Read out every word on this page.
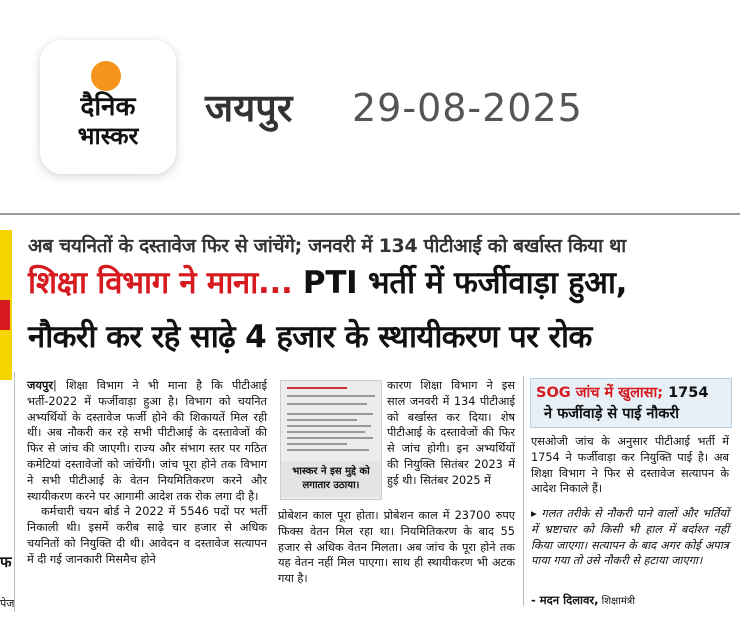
दैनिक
भास्कर
जयपुर 29-08-2025
फ
पेज
अब चयनितों के दस्तावेज फिर से जांचेंगे; जनवरी में 134 पीटीआई को बर्खास्त किया था
शिक्षा विभाग ने माना... PTI भर्ती में फर्जीवाड़ा हुआ,
नौकरी कर रहे साढ़े 4 हजार के स्थायीकरण पर रोक
जयपुर| शिक्षा विभाग ने भी माना है कि पीटीआई भर्ती-2022 में फर्जीवाड़ा हुआ है। विभाग को चयनित अभ्यर्थियों के दस्तावेज फर्जी होने की शिकायतें मिल रही थीं। अब नौकरी कर रहे सभी पीटीआई के दस्तावेजों की फिर से जांच की जाएगी। राज्य और संभाग स्तर पर गठित कमेटियां दस्तावेजों को जांचेंगी। जांच पूरा होने तक विभाग ने सभी पीटीआई के वेतन नियमितिकरण करने और स्थायीकरण करने पर आगामी आदेश तक रोक लगा दी है।
कर्मचारी चयन बोर्ड ने 2022 में 5546 पदों पर भर्ती निकाली थी। इसमें करीब साढ़े चार हजार से अधिक चयनितों को नियुक्ति दी थी। आवेदन व दस्तावेज सत्यापन में दी गई जानकारी मिसमैच होने
भास्कर ने इस मुद्दे को लगातार उठाया।
कारण शिक्षा विभाग ने इस साल जनवरी में 134 पीटीआई को बर्खास्त कर दिया। शेष पीटीआई के दस्तावेजों की फिर से जांच होगी। इन अभ्यर्थियों की नियुक्ति सितंबर 2023 में हुई थी। सितंबर 2025 में
प्रोबेशन काल पूरा होता। प्रोबेशन काल में 23700 रुपए फिक्स वेतन मिल रहा था। नियमितिकरण के बाद 55 हजार से अधिक वेतन मिलता। अब जांच के पूरा होने तक यह वेतन नहीं मिल पाएगा। साथ ही स्थायीकरण भी अटक गया है।
SOG जांच में खुलासा; 1754
ने फर्जीवाड़े से पाई नौकरी
एसओजी जांच के अनुसार पीटीआई भर्ती में 1754 ने फर्जीवाड़ा कर नियुक्ति पाई है। अब शिक्षा विभाग ने फिर से दस्तावेज सत्यापन के आदेश निकाले हैं।
▸ गलत तरीके से नौकरी पाने वालों और भर्तियों में भ्रष्टाचार को किसी भी हाल में बर्दाश्त नहीं किया जाएगा। सत्यापन के बाद अगर कोई अपात्र पाया गया तो उसे नौकरी से हटाया जाएगा।
- मदन दिलावर, शिक्षामंत्री
